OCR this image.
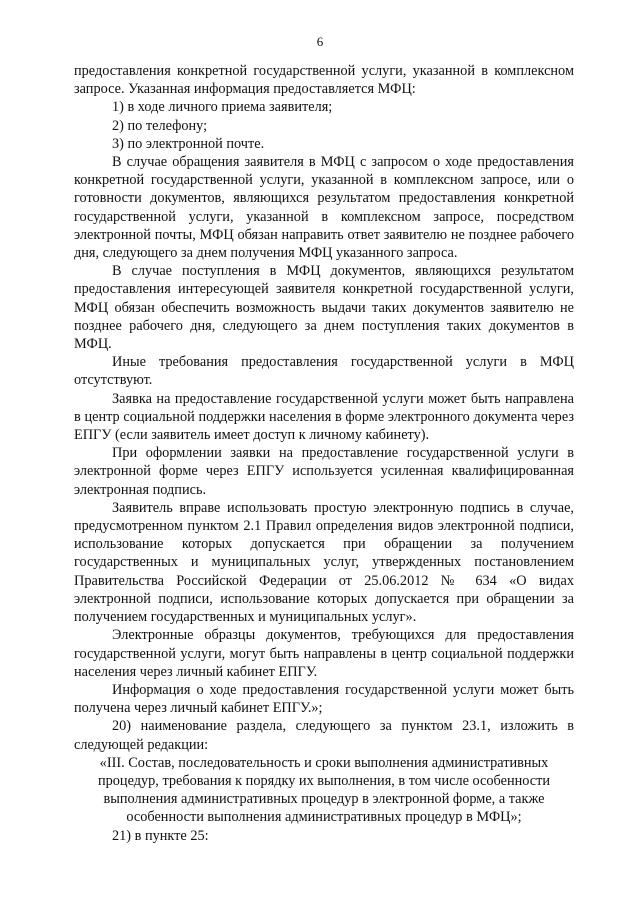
6

предоставления конкретной государственной услуги, указанной в комплексном запросе. Указанная информация предоставляется МФЦ:

1) в ходе личного приема заявителя;

2) по телефону;

3) по электронной почте.

В случае обращения заявителя в МФЦ с запросом о ходе предоставления конкретной государственной услуги, указанной в комплексном запросе, или о готовности документов, являющихся результатом предоставления конкретной государственной услуги, указанной в комплексном запросе, посредством электронной почты, МФЦ обязан направить ответ заявителю не позднее рабочего дня, следующего за днем получения МФЦ указанного запроса.

В случае поступления в МФЦ документов, являющихся результатом предоставления интересующей заявителя конкретной государственной услуги, МФЦ обязан обеспечить возможность выдачи таких документов заявителю не позднее рабочего дня, следующего за днем поступления таких документов в МФЦ.

Иные требования предоставления государственной услуги в МФЦ отсутствуют.

Заявка на предоставление государственной услуги может быть направлена в центр социальной поддержки населения в форме электронного документа через ЕПГУ (если заявитель имеет доступ к личному кабинету).

При оформлении заявки на предоставление государственной услуги в электронной форме через ЕПГУ используется усиленная квалифицированная электронная подпись.

Заявитель вправе использовать простую электронную подпись в случае, предусмотренном пунктом 2.1 Правил определения видов электронной подписи, использование которых допускается при обращении за получением государственных и муниципальных услуг, утвержденных постановлением Правительства Российской Федерации от 25.06.2012 № 634 «О видах электронной подписи, использование которых допускается при обращении за получением государственных и муниципальных услуг».

Электронные образцы документов, требующихся для предоставления государственной услуги, могут быть направлены в центр социальной поддержки населения через личный кабинет ЕПГУ.

Информация о ходе предоставления государственной услуги может быть получена через личный кабинет ЕПГУ.»;

20) наименование раздела, следующего за пунктом 23.1, изложить в следующей редакции:

«III. Состав, последовательность и сроки выполнения административных
процедур, требования к порядку их выполнения, в том числе особенности
выполнения административных процедур в электронной форме, а также
особенности выполнения административных процедур в МФЦ»;

21) в пункте 25:
